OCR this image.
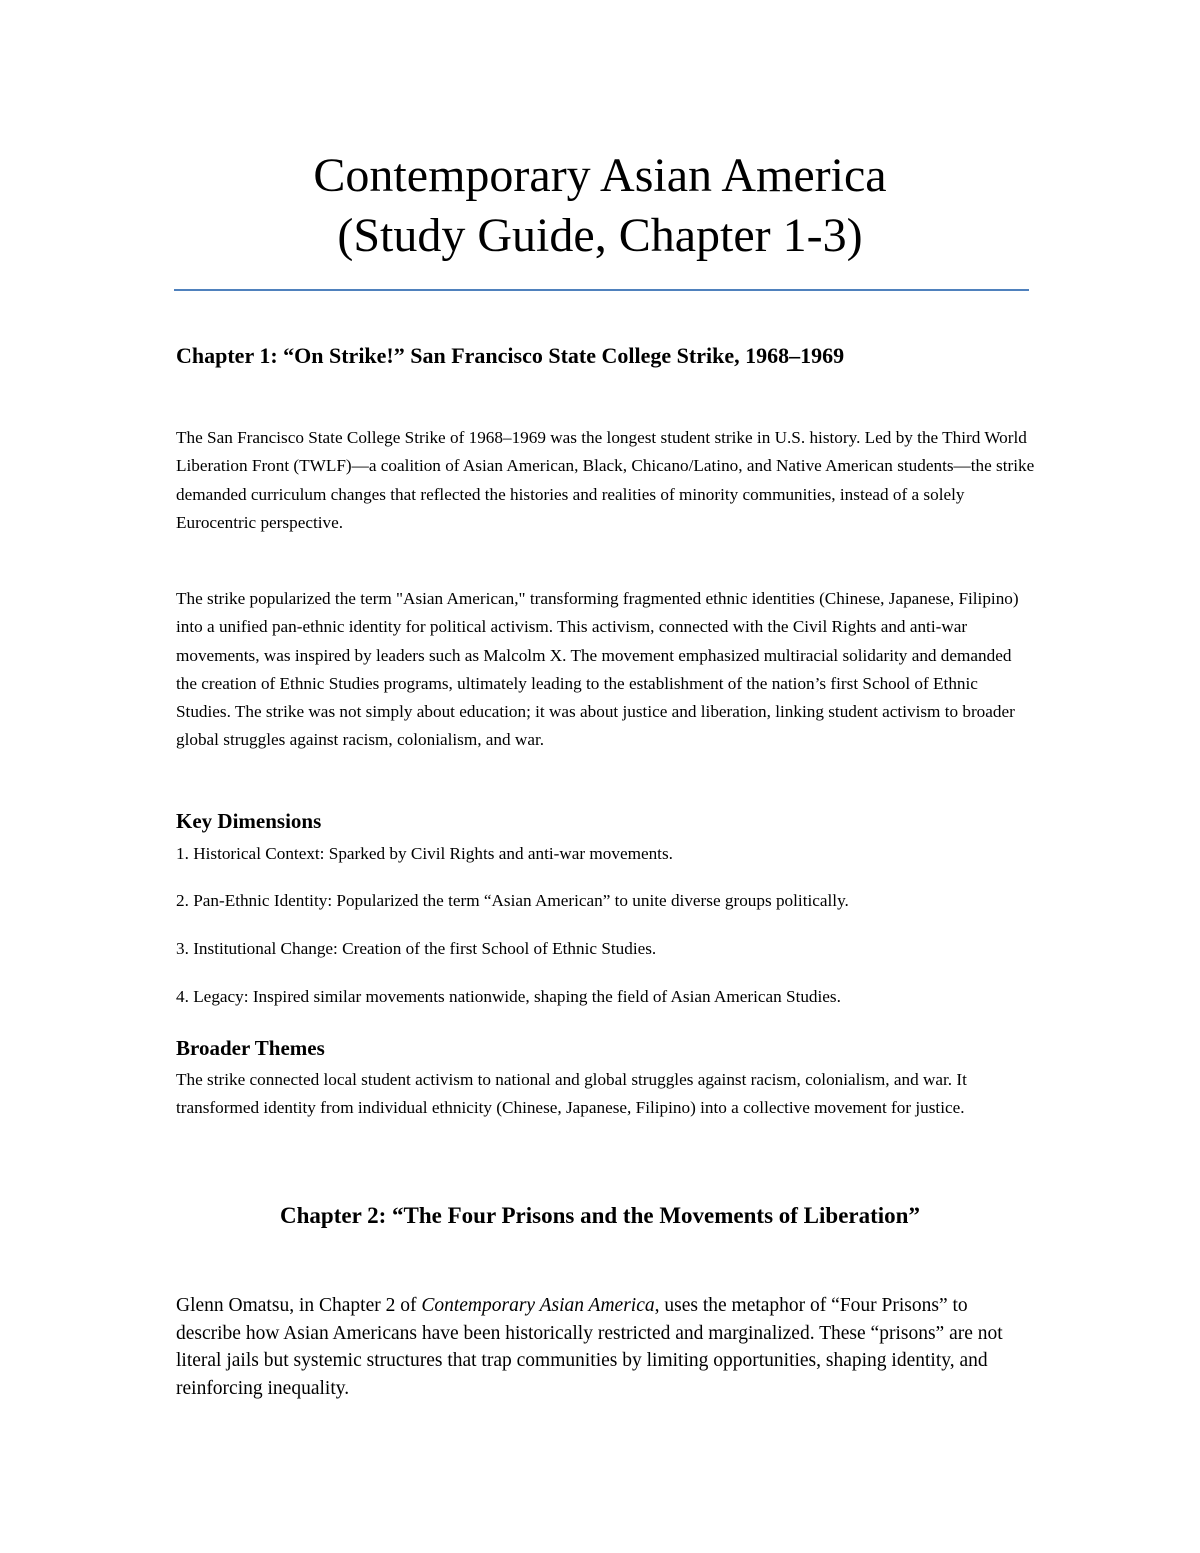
Contemporary Asian America
(Study Guide, Chapter 1-3)
Chapter 1: “On Strike!” San Francisco State College Strike, 1968–1969

The San Francisco State College Strike of 1968–1969 was the longest student strike in U.S. history. Led by the Third World Liberation Front (TWLF)—a coalition of Asian American, Black, Chicano/Latino, and Native American students—the strike demanded curriculum changes that reflected the histories and realities of minority communities, instead of a solely Eurocentric perspective.

The strike popularized the term "Asian American," transforming fragmented ethnic identities (Chinese, Japanese, Filipino) into a unified pan-ethnic identity for political activism. This activism, connected with the Civil Rights and anti-war movements, was inspired by leaders such as Malcolm X. The movement emphasized multiracial solidarity and demanded the creation of Ethnic Studies programs, ultimately leading to the establishment of the nation’s first School of Ethnic Studies. The strike was not simply about education; it was about justice and liberation, linking student activism to broader global struggles against racism, colonialism, and war.

Key Dimensions

1. Historical Context: Sparked by Civil Rights and anti-war movements.

2. Pan-Ethnic Identity: Popularized the term “Asian American” to unite diverse groups politically.

3. Institutional Change: Creation of the first School of Ethnic Studies.

4. Legacy: Inspired similar movements nationwide, shaping the field of Asian American Studies.

Broader Themes

The strike connected local student activism to national and global struggles against racism, colonialism, and war. It transformed identity from individual ethnicity (Chinese, Japanese, Filipino) into a collective movement for justice.

Chapter 2: “The Four Prisons and the Movements of Liberation”

Glenn Omatsu, in Chapter 2 of Contemporary Asian America, uses the metaphor of “Four Prisons” to describe how Asian Americans have been historically restricted and marginalized. These “prisons” are not literal jails but systemic structures that trap communities by limiting opportunities, shaping identity, and reinforcing inequality.
